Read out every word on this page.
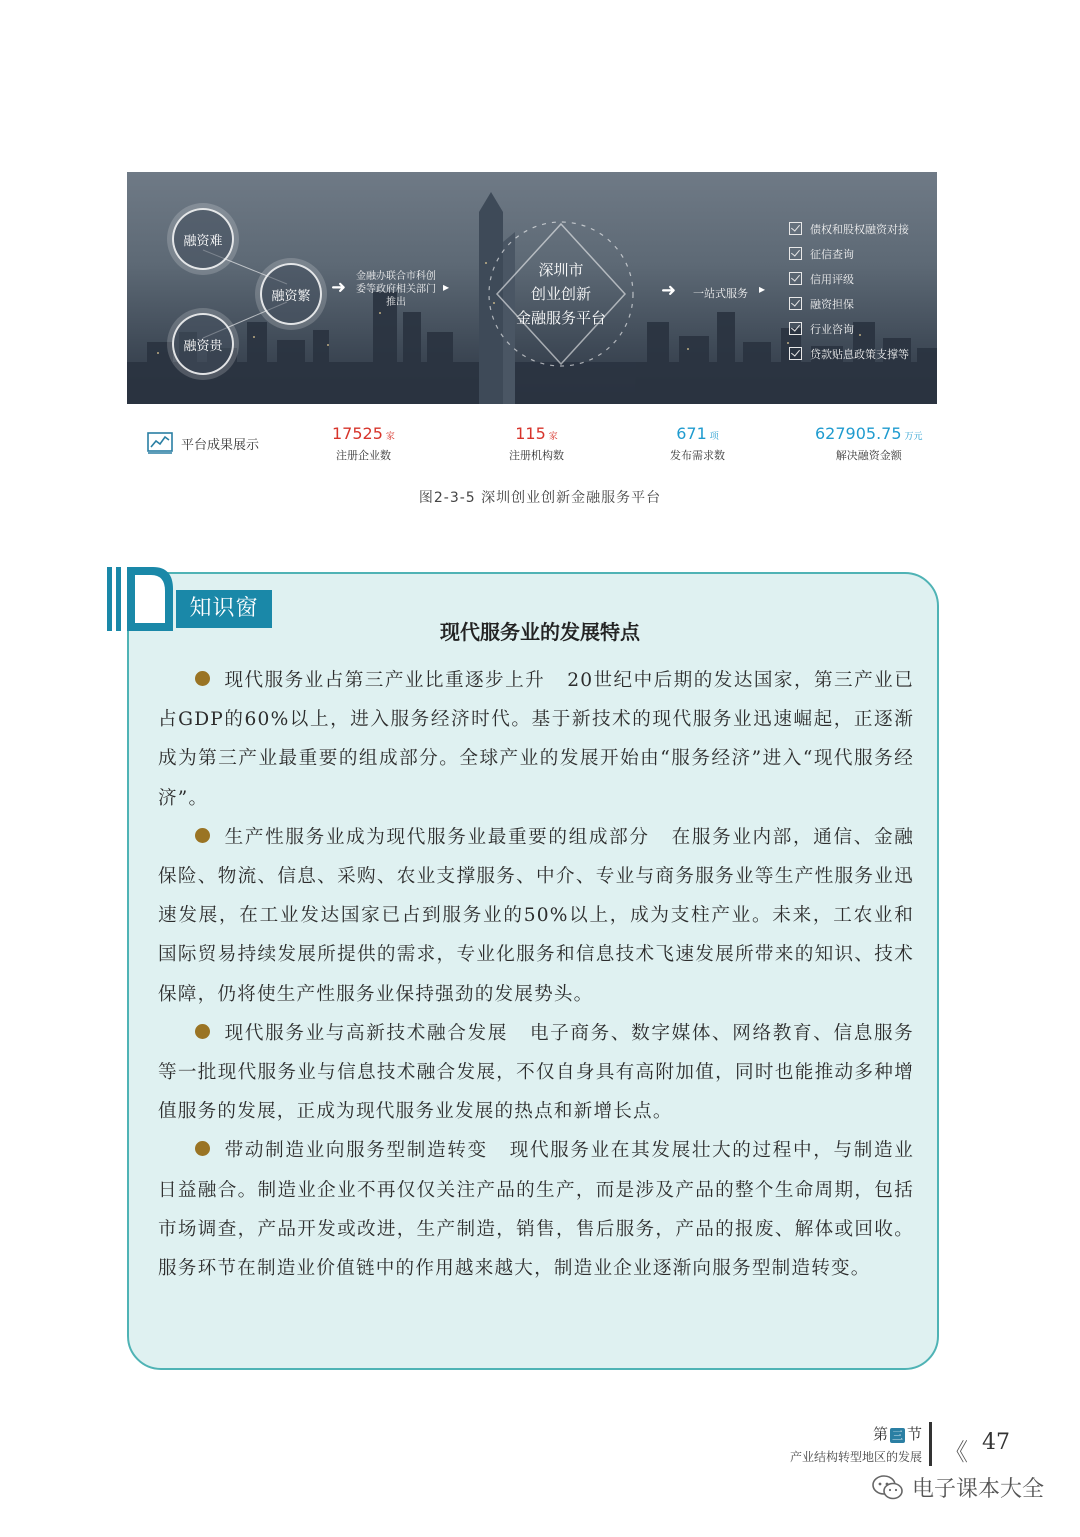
融资难
融资繁
融资贵
➜
金融办联合市科创委等政府相关部门推出
▸
深圳市
创业创新
金融服务平台
➜ 一站式服务 ▸
债权和股权融资对接
征信查询
信用评级
融资担保
行业咨询
贷款贴息政策支撑等
平台成果展示
17525 家
注册企业数
115 家
注册机构数
671 项
发布需求数
627905.75 万元
解决融资金额
图2-3-5 深圳创业创新金融服务平台
知识窗
现代服务业的发展特点

现代服务业占第三产业比重逐步上升 20世纪中后期的发达国家，第三产业已占GDP的60%以上，进入服务经济时代。基于新技术的现代服务业迅速崛起，正逐渐成为第三产业最重要的组成部分。全球产业的发展开始由“服务经济”进入“现代服务经济”。

生产性服务业成为现代服务业最重要的组成部分 在服务业内部，通信、金融保险、物流、信息、采购、农业支撑服务、中介、专业与商务服务业等生产性服务业迅速发展，在工业发达国家已占到服务业的50%以上，成为支柱产业。未来，工农业和国际贸易持续发展所提供的需求，专业化服务和信息技术飞速发展所带来的知识、技术保障，仍将使生产性服务业保持强劲的发展势头。

现代服务业与高新技术融合发展 电子商务、数字媒体、网络教育、信息服务等一批现代服务业与信息技术融合发展，不仅自身具有高附加值，同时也能推动多种增值服务的发展，正成为现代服务业发展的热点和新增长点。

带动制造业向服务型制造转变 现代服务业在其发展壮大的过程中，与制造业日益融合。制造业企业不再仅仅关注产品的生产，而是涉及产品的整个生命周期，包括市场调查，产品开发或改进，生产制造，销售，售后服务，产品的报废、解体或回收。服务环节在制造业价值链中的作用越来越大，制造业企业逐渐向服务型制造转变。

第 三 节
产业结构转型地区的发展 《 47
电子课本大全
